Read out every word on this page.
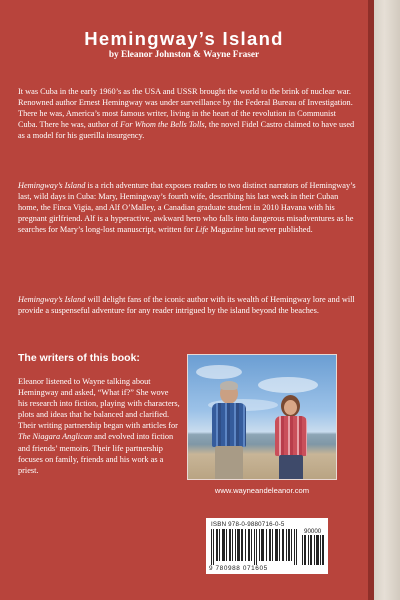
Hemingway’s Island
by Eleanor Johnston & Wayne Fraser
It was Cuba in the early 1960’s as the USA and USSR brought the world to the brink of nuclear war. Renowned author Ernest Hemingway was under surveillance by the Federal Bureau of Investigation. There he was, America’s most famous writer, living in the heart of the revolution in Communist Cuba. There he was, author of For Whom the Bells Tolls, the novel Fidel Castro claimed to have used as a model for his guerilla insurgency.
Hemingway’s Island is a rich adventure that exposes readers to two distinct narrators of Hemingway’s last, wild days in Cuba: Mary, Hemingway’s fourth wife, describing his last week in their Cuban home, the Finca Vigia, and Alf O’Malley, a Canadian graduate student in 2010 Havana with his pregnant girlfriend. Alf is a hyperactive, awkward hero who falls into dangerous misadventures as he searches for Mary’s long-lost manuscript, written for Life Magazine but never published.
Hemingway’s Island will delight fans of the iconic author with its wealth of Hemingway lore and will provide a suspenseful adventure for any reader intrigued by the island beyond the beaches.
The writers of this book:
Eleanor listened to Wayne talking about Hemingway and asked, “What if?” She wove his research into fiction, playing with characters, plots and ideas that he balanced and clarified. Their writing partnership began with articles for The Niagara Anglican and evolved into fiction and friends’ memoirs. Their life partnership focuses on family, friends and his work as a priest.
www.wayneandeleanor.com
ISBN 978-0-9880716-0-5
90000
9 780988 071605
